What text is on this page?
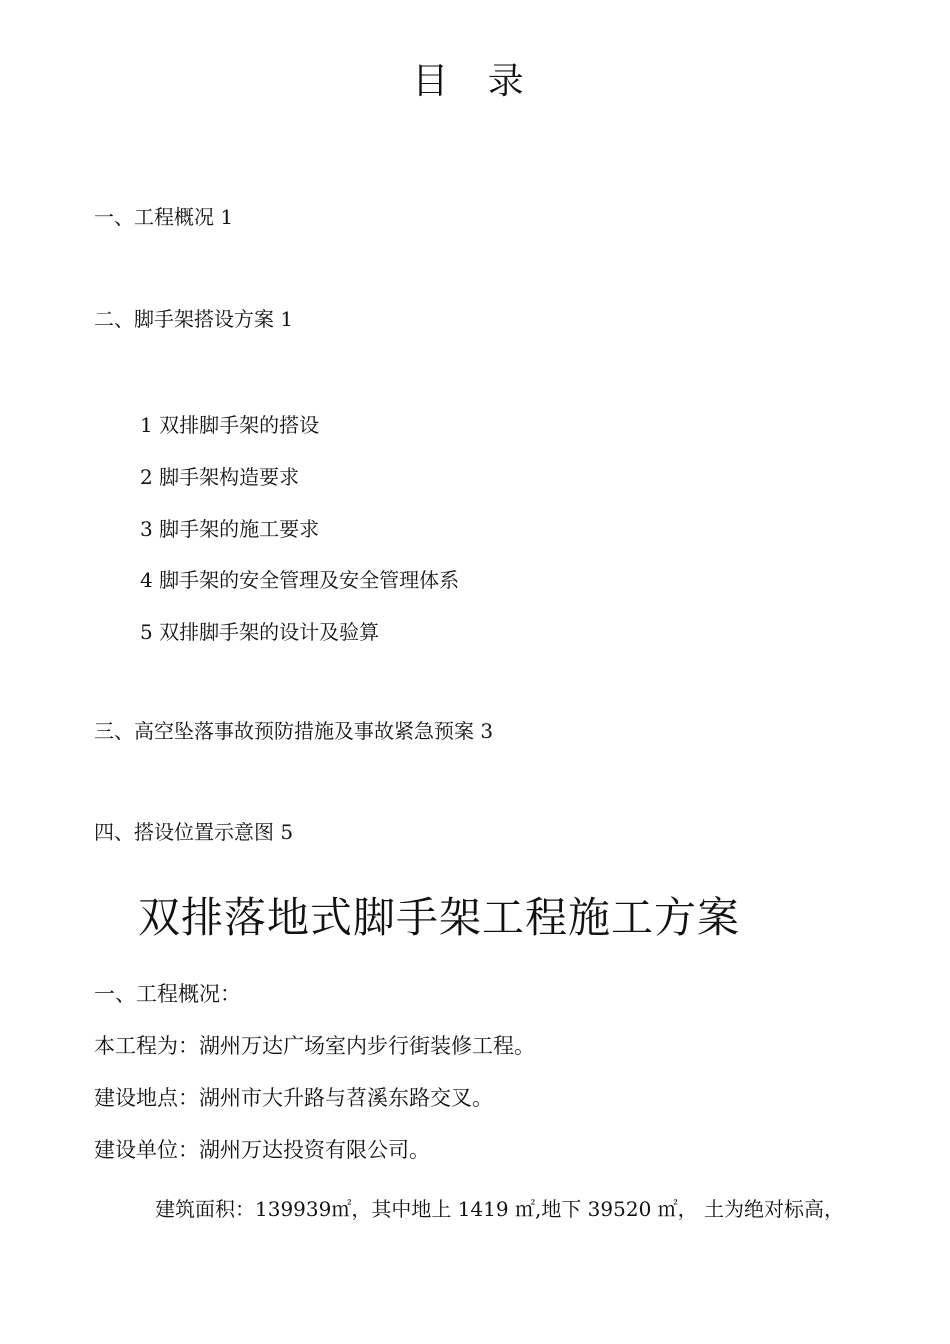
目 录
一、工程概况 1
二、脚手架搭设方案 1
1 双排脚手架的搭设
2 脚手架构造要求
3 脚手架的施工要求
4 脚手架的安全管理及安全管理体系
5 双排脚手架的设计及验算
三、高空坠落事故预防措施及事故紧急预案 3
四、搭设位置示意图 5
双排落地式脚手架工程施工方案
一、工程概况：
本工程为：湖州万达广场室内步行街装修工程。
建设地点：湖州市大升路与苕溪东路交叉。
建设单位：湖州万达投资有限公司。
建筑面积：139939㎡，其中地上 1419 ㎡,地下 39520 ㎡， 土为绝对标高，
